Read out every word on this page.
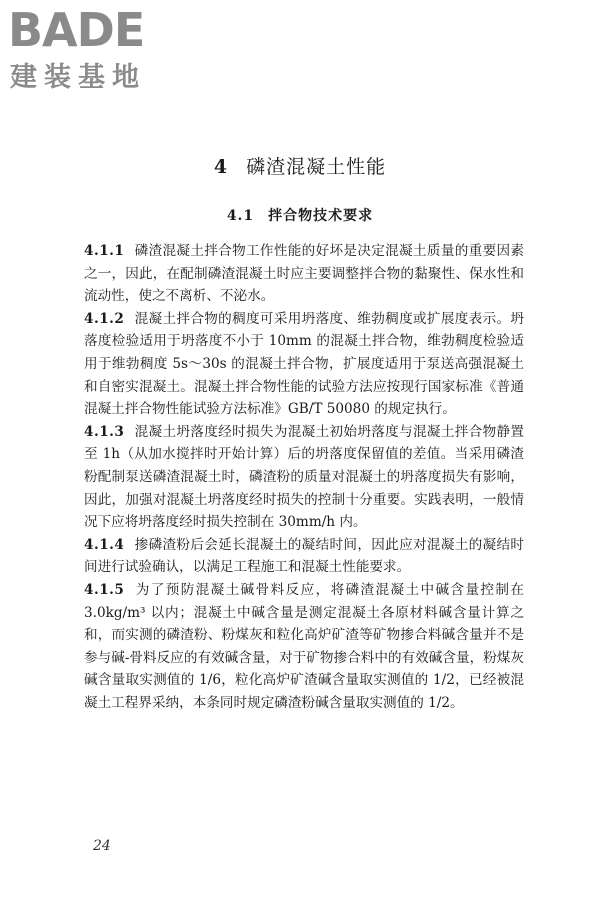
BADE
建装基地
4 磷渣混凝土性能
4.1 拌合物技术要求

4.1.1 磷渣混凝土拌合物工作性能的好坏是决定混凝土质量的重要因素之一，因此，在配制磷渣混凝土时应主要调整拌合物的黏聚性、保水性和流动性，使之不离析、不泌水。

4.1.2 混凝土拌合物的稠度可采用坍落度、维勃稠度或扩展度表示。坍落度检验适用于坍落度不小于 10mm 的混凝土拌合物，维勃稠度检验适用于维勃稠度 5s～30s 的混凝土拌合物，扩展度适用于泵送高强混凝土和自密实混凝土。混凝土拌合物性能的试验方法应按现行国家标准《普通混凝土拌合物性能试验方法标准》GB/T 50080 的规定执行。

4.1.3 混凝土坍落度经时损失为混凝土初始坍落度与混凝土拌合物静置至 1h（从加水搅拌时开始计算）后的坍落度保留值的差值。当采用磷渣粉配制泵送磷渣混凝土时，磷渣粉的质量对混凝土的坍落度损失有影响，因此，加强对混凝土坍落度经时损失的控制十分重要。实践表明，一般情况下应将坍落度经时损失控制在 30mm/h 内。

4.1.4 掺磷渣粉后会延长混凝土的凝结时间，因此应对混凝土的凝结时间进行试验确认，以满足工程施工和混凝土性能要求。

4.1.5 为了预防混凝土碱骨料反应，将磷渣混凝土中碱含量控制在 3.0kg/m³ 以内；混凝土中碱含量是测定混凝土各原材料碱含量计算之和，而实测的磷渣粉、粉煤灰和粒化高炉矿渣等矿物掺合料碱含量并不是参与碱-骨料反应的有效碱含量，对于矿物掺合料中的有效碱含量，粉煤灰碱含量取实测值的 1/6，粒化高炉矿渣碱含量取实测值的 1/2，已经被混凝土工程界采纳，本条同时规定磷渣粉碱含量取实测值的 1/2。

24
